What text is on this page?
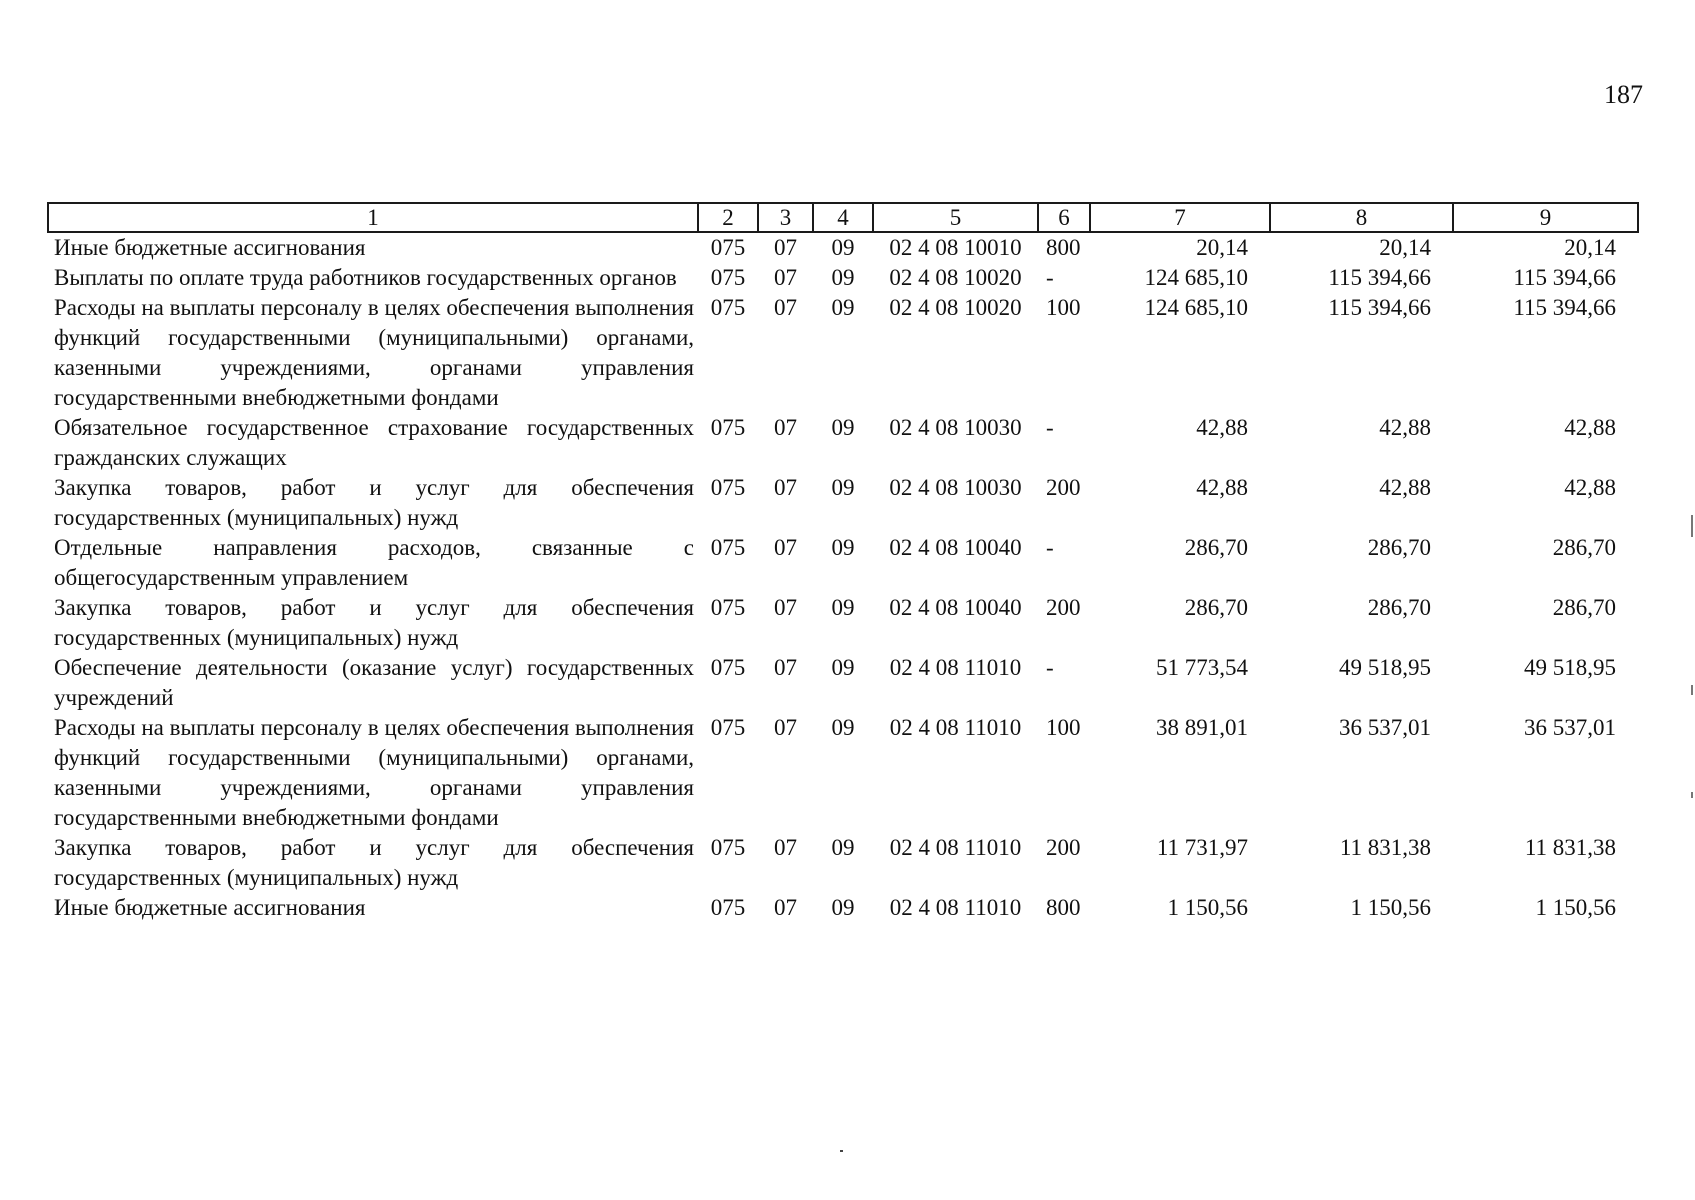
187
1	2	3	4	5	6	7	8	9
Иные бюджетные ассигнования	075	07	09	02 4 08 10010	800	20,14	20,14	20,14
Выплаты по оплате труда работников государственных органов	075	07	09	02 4 08 10020	-	124 685,10	115 394,66	115 394,66
Расходы на выплаты персоналу в целях обеспечения выполнения функций государственными (муниципальными) органами, казенными учреждениями, органами управления государственными внебюджетными фондами	075	07	09	02 4 08 10020	100	124 685,10	115 394,66	115 394,66
Обязательное государственное страхование государственных гражданских служащих	075	07	09	02 4 08 10030	-	42,88	42,88	42,88
Закупка товаров, работ и услуг для обеспечения государственных (муниципальных) нужд	075	07	09	02 4 08 10030	200	42,88	42,88	42,88
Отдельные направления расходов, связанные с общегосударственным управлением	075	07	09	02 4 08 10040	-	286,70	286,70	286,70
Закупка товаров, работ и услуг для обеспечения государственных (муниципальных) нужд	075	07	09	02 4 08 10040	200	286,70	286,70	286,70
Обеспечение деятельности (оказание услуг) государственных учреждений	075	07	09	02 4 08 11010	-	51 773,54	49 518,95	49 518,95
Расходы на выплаты персоналу в целях обеспечения выполнения функций государственными (муниципальными) органами, казенными учреждениями, органами управления государственными внебюджетными фондами	075	07	09	02 4 08 11010	100	38 891,01	36 537,01	36 537,01
Закупка товаров, работ и услуг для обеспечения государственных (муниципальных) нужд	075	07	09	02 4 08 11010	200	11 731,97	11 831,38	11 831,38
Иные бюджетные ассигнования	075	07	09	02 4 08 11010	800	1 150,56	1 150,56	1 150,56
